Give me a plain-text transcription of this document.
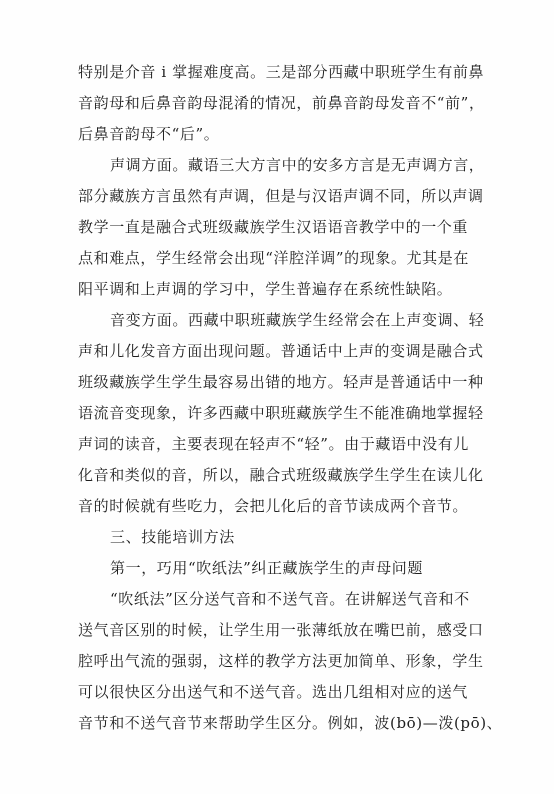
特别是介音 i 掌握难度高。三是部分西藏中职班学生有前鼻
音韵母和后鼻音韵母混淆的情况，前鼻音韵母发音不“前”，
后鼻音韵母不“后”。
声调方面。藏语三大方言中的安多方言是无声调方言，
部分藏族方言虽然有声调，但是与汉语声调不同，所以声调
教学一直是融合式班级藏族学生汉语语音教学中的一个重
点和难点，学生经常会出现“洋腔洋调”的现象。尤其是在
阳平调和上声调的学习中，学生普遍存在系统性缺陷。
音变方面。西藏中职班藏族学生经常会在上声变调、轻
声和儿化发音方面出现问题。普通话中上声的变调是融合式
班级藏族学生学生最容易出错的地方。轻声是普通话中一种
语流音变现象，许多西藏中职班藏族学生不能准确地掌握轻
声词的读音，主要表现在轻声不“轻”。由于藏语中没有儿
化音和类似的音，所以，融合式班级藏族学生学生在读儿化
音的时候就有些吃力，会把儿化后的音节读成两个音节。
三、技能培训方法
第一，巧用“吹纸法”纠正藏族学生的声母问题
“吹纸法”区分送气音和不送气音。在讲解送气音和不
送气音区别的时候，让学生用一张薄纸放在嘴巴前，感受口
腔呼出气流的强弱，这样的教学方法更加简单、形象，学生
可以很快区分出送气和不送气音。选出几组相对应的送气
音节和不送气音节来帮助学生区分。例如，波(bō)—泼(pō)、
